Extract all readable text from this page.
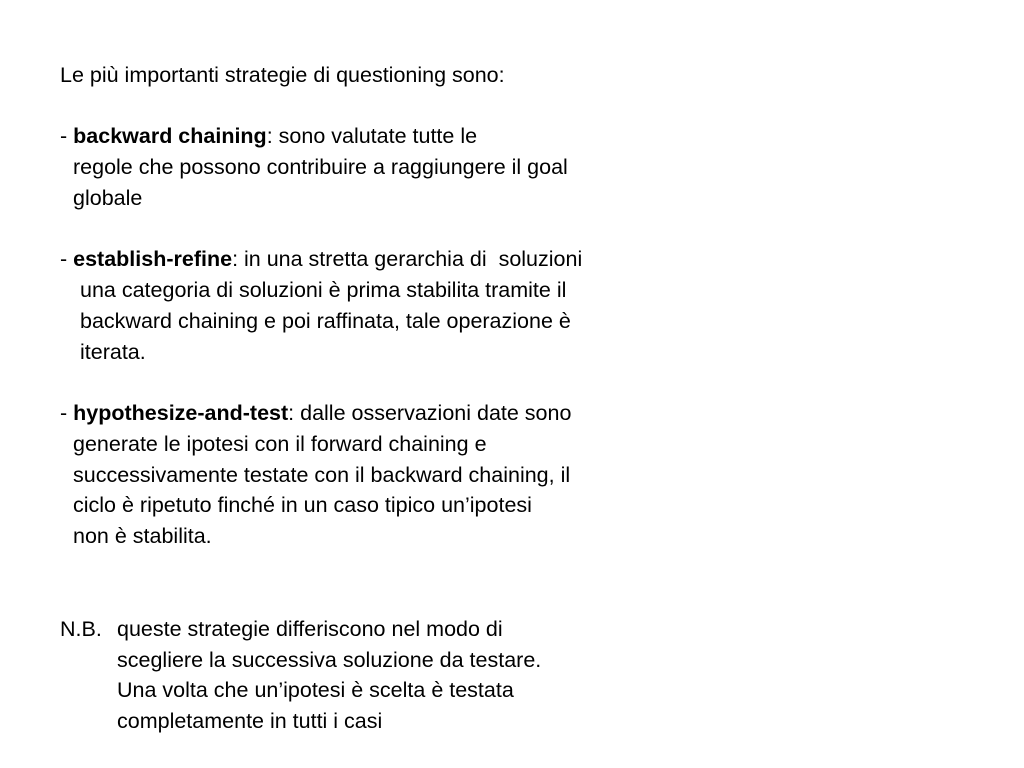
Le più importanti strategie di questioning sono:
- backward chaining: sono valutate tutte le
regole che possono contribuire a raggiungere il goal
globale
- establish-refine: in una stretta gerarchia di  soluzioni
una categoria di soluzioni è prima stabilita tramite il
backward chaining e poi raffinata, tale operazione è
iterata.
- hypothesize-and-test: dalle osservazioni date sono
generate le ipotesi con il forward chaining e
successivamente testate con il backward chaining, il
ciclo è ripetuto finché in un caso tipico un’ipotesi
non è stabilita.
N.B. queste strategie differiscono nel modo di
scegliere la successiva soluzione da testare.
Una volta che un’ipotesi è scelta è testata
completamente in tutti i casi
